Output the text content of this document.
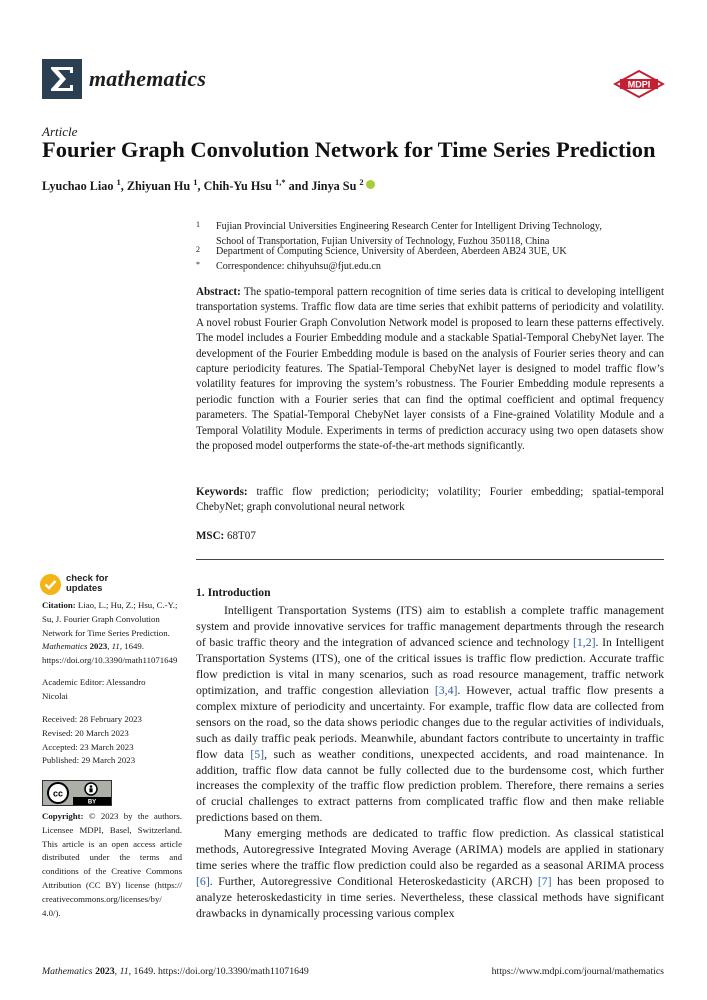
mathematics	MDPI
Article
Fourier Graph Convolution Network for Time Series Prediction
Lyuchao Liao $^1$, Zhiyuan Hu $^1$, Chih-Yu Hsu $^{1,*}$ and Jinya Su $^2$
1 Fujian Provincial Universities Engineering Research Center for Intelligent Driving Technology,
School of Transportation, Fujian University of Technology, Fuzhou 350118, China
2 Department of Computing Science, University of Aberdeen, Aberdeen AB24 3UE, UK
* Correspondence: chihyuhsu@fjut.edu.cn

Abstract: The spatio-temporal pattern recognition of time series data is critical to developing intelligent transportation systems. Traffic flow data are time series that exhibit patterns of periodicity and volatility. A novel robust Fourier Graph Convolution Network model is proposed to learn these patterns effectively. The model includes a Fourier Embedding module and a stackable Spatial-Temporal ChebyNet layer. The development of the Fourier Embedding module is based on the analysis of Fourier series theory and can capture periodicity features. The Spatial-Temporal ChebyNet layer is designed to model traffic flow’s volatility features for improving the system’s robustness. The Fourier Embedding module represents a periodic function with a Fourier series that can find the optimal coefficient and optimal frequency parameters. The Spatial-Temporal ChebyNet layer consists of a Fine-grained Volatility Module and a Temporal Volatility Module. Experiments in terms of prediction accuracy using two open datasets show the proposed model outperforms the state-of-the-art methods significantly.

Keywords: traffic flow prediction; periodicity; volatility; Fourier embedding; spatial-temporal ChebyNet; graph convolutional neural network

MSC: 68T07

check for updates

Citation: Liao, L.; Hu, Z.; Hsu, C.-Y.; Su, J. Fourier Graph Convolution Network for Time Series Prediction. Mathematics 2023, 11, 1649. https://doi.org/10.3390/math11071649

Academic Editor: Alessandro Nicolai

Received: 28 February 2023
Revised: 20 March 2023
Accepted: 23 March 2023
Published: 29 March 2023
cc
BY

Copyright: © 2023 by the authors. Licensee MDPI, Basel, Switzerland. This article is an open access article distributed under the terms and conditions of the Creative Commons Attribution (CC BY) license (https:// creativecommons.org/licenses/by/ 4.0/).

1. Introduction

Intelligent Transportation Systems (ITS) aim to establish a complete traffic management system and provide innovative services for traffic management departments through the research of basic traffic theory and the integration of advanced science and technology [1,2]. In Intelligent Transportation Systems (ITS), one of the critical issues is traffic flow prediction. Accurate traffic flow prediction is vital in many scenarios, such as road resource management, traffic network optimization, and traffic congestion alleviation [3,4]. However, actual traffic flow presents a complex mixture of periodicity and uncertainty. For example, traffic flow data are collected from sensors on the road, so the data shows periodic changes due to the regular activities of individuals, such as daily traffic peak periods. Meanwhile, abundant factors contribute to uncertainty in traffic flow data [5], such as weather conditions, unexpected accidents, and road maintenance. In addition, traffic flow data cannot be fully collected due to the burdensome cost, which further increases the complexity of the traffic flow prediction problem. Therefore, there remains a series of crucial challenges to extract patterns from complicated traffic flow and then make reliable predictions based on them.

Many emerging methods are dedicated to traffic flow prediction. As classical statistical methods, Autoregressive Integrated Moving Average (ARIMA) models are applied in stationary time series where the traffic flow prediction could also be regarded as a seasonal ARIMA process [6]. Further, Autoregressive Conditional Heteroskedasticity (ARCH) [7] has been proposed to analyze heteroskedasticity in time series. Nevertheless, these classical methods have significant drawbacks in dynamically processing various complex

Mathematics 2023, 11, 1649. https://doi.org/10.3390/math11071649	https://www.mdpi.com/journal/mathematics
